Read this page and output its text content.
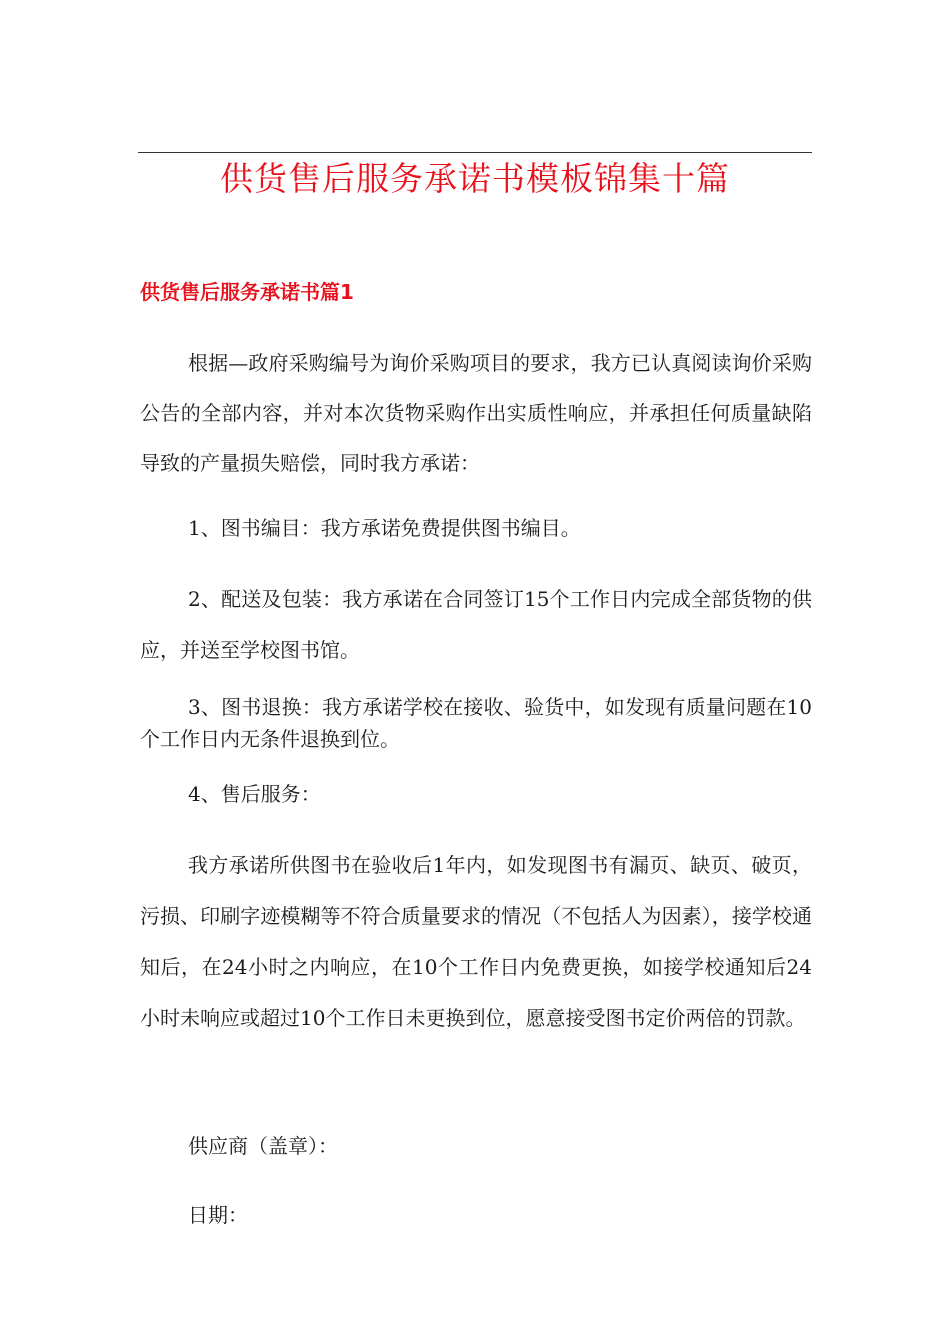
供货售后服务承诺书模板锦集十篇
供货售后服务承诺书篇1

根据—政府采购编号为询价采购项目的要求，我方已认真阅读询价采购公告的全部内容，并对本次货物采购作出实质性响应，并承担任何质量缺陷导致的产量损失赔偿，同时我方承诺：

1、图书编目：我方承诺免费提供图书编目。

2、配送及包装：我方承诺在合同签订15个工作日内完成全部货物的供应，并送至学校图书馆。

3、图书退换：我方承诺学校在接收、验货中，如发现有质量问题在10个工作日内无条件退换到位。

4、售后服务：

我方承诺所供图书在验收后1年内，如发现图书有漏页、缺页、破页，污损、印刷字迹模糊等不符合质量要求的情况（不包括人为因素），接学校通知后，在24小时之内响应，在10个工作日内免费更换，如接学校通知后24小时未响应或超过10个工作日未更换到位，愿意接受图书定价两倍的罚款。

供应商（盖章）：

日期：
